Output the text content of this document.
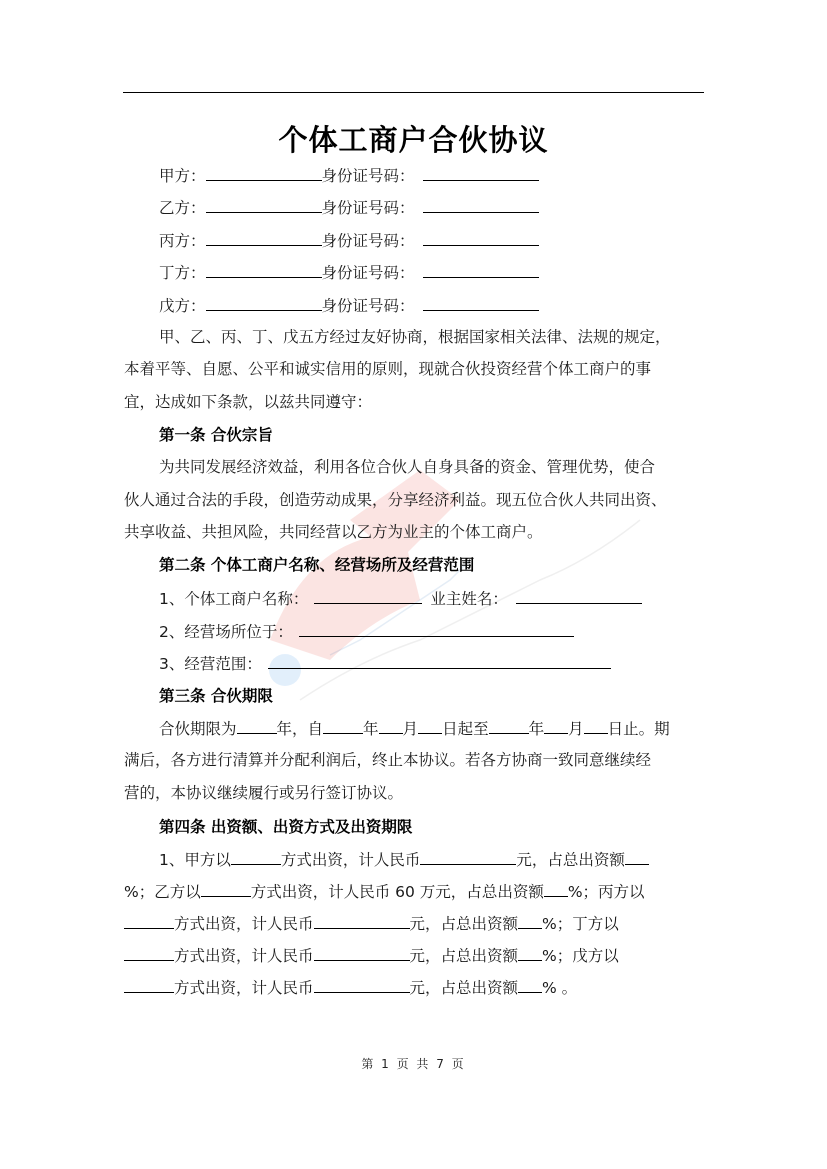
个体工商户合伙协议
甲方：	身份证号码：
乙方：	身份证号码：
丙方：	身份证号码：
丁方：	身份证号码：
戊方：	身份证号码：
甲、乙、丙、丁、戊五方经过友好协商，根据国家相关法律、法规的规定，
本着平等、自愿、公平和诚实信用的原则，现就合伙投资经营个体工商户的事
宜，达成如下条款，以兹共同遵守：
第一条 合伙宗旨
为共同发展经济效益，利用各位合伙人自身具备的资金、管理优势，使合
伙人通过合法的手段，创造劳动成果，分享经济利益。现五位合伙人共同出资、
共享收益、共担风险，共同经营以乙方为业主的个体工商户。
第二条 个体工商户名称、经营场所及经营范围
1、个体工商户名称：	业主姓名：
2、经营场所位于：
3、经营范围：
第三条 合伙期限
合伙期限为	年，自	年 月 日起至	年 月 日止。期
满后，各方进行清算并分配利润后，终止本协议。若各方协商一致同意继续经
营的，本协议继续履行或另行签订协议。
第四条 出资额、出资方式及出资期限
1、甲方以	方式出资，计人民币	元，占总出资额
%；乙方以	方式出资，计人民币 60 万元，占总出资额 %；丙方以
方式出资，计人民币	元，占总出资额 %；丁方以
方式出资，计人民币	元，占总出资额 %；戊方以
方式出资，计人民币	元，占总出资额 % 。
第 1 页 共 7 页
